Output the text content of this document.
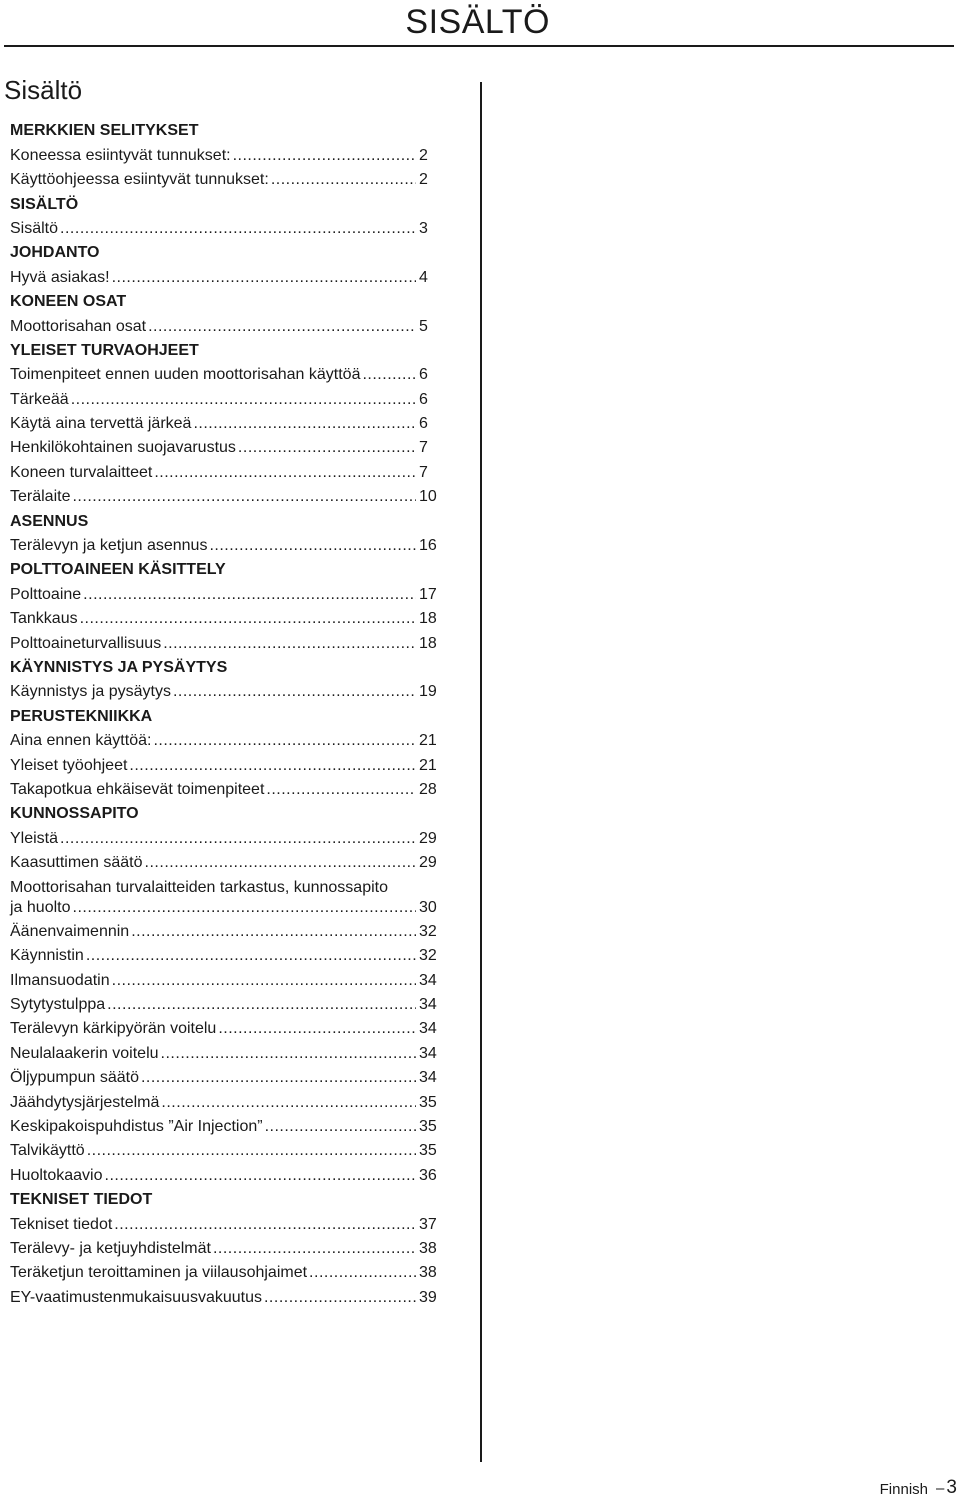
SISÄLTÖ
Sisältö
MERKKIEN SELITYKSET
Koneessa esiintyvät tunnukset: .....	2
Käyttöohjeessa esiintyvät tunnukset: .....	2
SISÄLTÖ
Sisältö .....	3
JOHDANTO
Hyvä asiakas! .....	4
KONEEN OSAT
Moottorisahan osat .....	5
YLEISET TURVAOHJEET
Toimenpiteet ennen uuden moottorisahan käyttöä .....	6
Tärkeää .....	6
Käytä aina tervettä järkeä .....	6
Henkilökohtainen suojavarustus .....	7
Koneen turvalaitteet .....	7
Terälaite .....	10
ASENNUS
Terälevyn ja ketjun asennus .....	16
POLTTOAINEEN KÄSITTELY
Polttoaine .....	17
Tankkaus .....	18
Polttoaineturvallisuus .....	18
KÄYNNISTYS JA PYSÄYTYS
Käynnistys ja pysäytys .....	19
PERUSTEKNIIKKA
Aina ennen käyttöä: .....	21
Yleiset työohjeet .....	21
Takapotkua ehkäisevät toimenpiteet .....	28
KUNNOSSAPITO
Yleistä .....	29
Kaasuttimen säätö .....	29
Moottorisahan turvalaitteiden tarkastus, kunnossapito
ja huolto .....	30
Äänenvaimennin .....	32
Käynnistin .....	32
Ilmansuodatin .....	34
Sytytystulppa .....	34
Terälevyn kärkipyörän voitelu .....	34
Neulalaakerin voitelu .....	34
Öljypumpun säätö .....	34
Jäähdytysjärjestelmä .....	35
Keskipakoispuhdistus ”Air Injection” .....	35
Talvikäyttö .....	35
Huoltokaavio .....	36
TEKNISET TIEDOT
Tekniset tiedot .....	37
Terälevy- ja ketjuyhdistelmät .....	38
Teräketjun teroittaminen ja viilausohjaimet .....	38
EY-vaatimustenmukaisuusvakuutus .....	39
Finnish – 3
